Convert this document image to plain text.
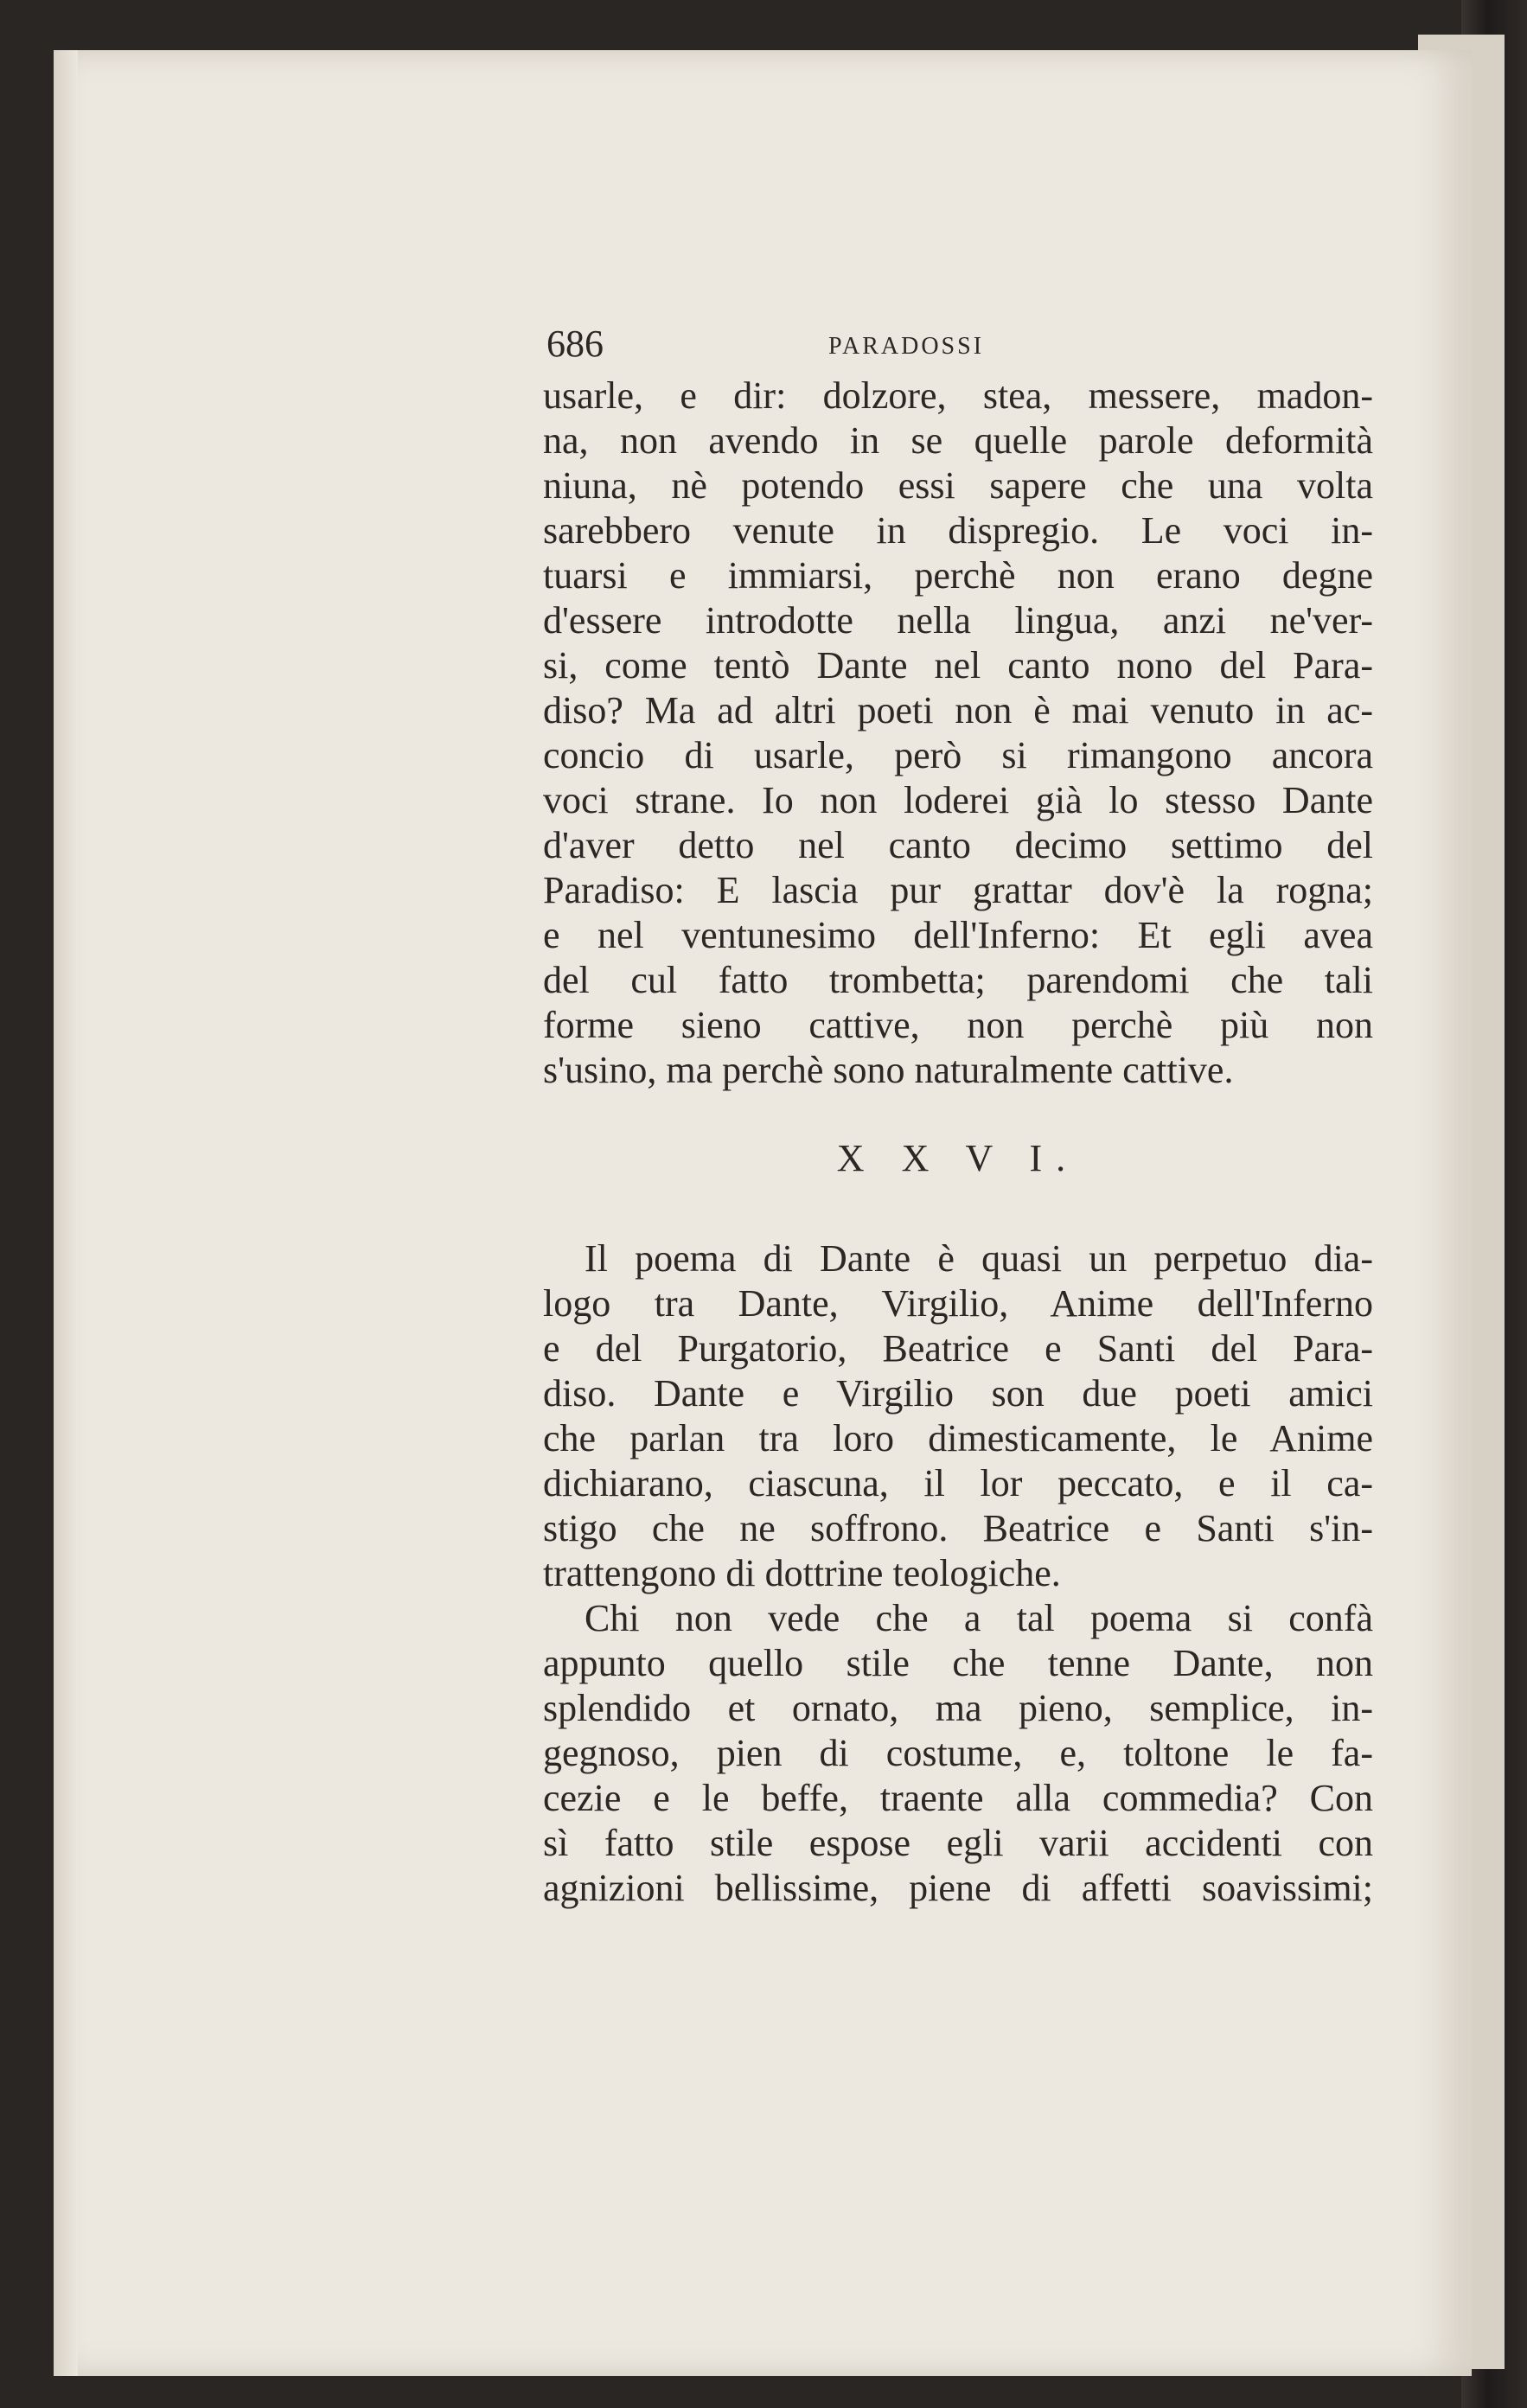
686	PARADOSSI
usarle, e dir: dolzore, stea, messere, madon-
na, non avendo in se quelle parole deformità
niuna, nè potendo essi sapere che una volta
sarebbero venute in dispregio. Le voci in-
tuarsi e immiarsi, perchè non erano degne
d'essere introdotte nella lingua, anzi ne'ver-
si, come tentò Dante nel canto nono del Para-
diso? Ma ad altri poeti non è mai venuto in ac-
concio di usarle, però si rimangono ancora
voci strane. Io non loderei già lo stesso Dante
d'aver detto nel canto decimo settimo del
Paradiso: E lascia pur grattar dov'è la rogna;
e nel ventunesimo dell'Inferno: Et egli avea
del cul fatto trombetta; parendomi che tali
forme sieno cattive, non perchè più non
s'usino, ma perchè sono naturalmente cattive.
X X V I.
Il poema di Dante è quasi un perpetuo dia-
logo tra Dante, Virgilio, Anime dell'Inferno
e del Purgatorio, Beatrice e Santi del Para-
diso. Dante e Virgilio son due poeti amici
che parlan tra loro dimesticamente, le Anime
dichiarano, ciascuna, il lor peccato, e il ca-
stigo che ne soffrono. Beatrice e Santi s'in-
trattengono di dottrine teologiche.
Chi non vede che a tal poema si confà
appunto quello stile che tenne Dante, non
splendido et ornato, ma pieno, semplice, in-
gegnoso, pien di costume, e, toltone le fa-
cezie e le beffe, traente alla commedia? Con
sì fatto stile espose egli varii accidenti con
agnizioni bellissime, piene di affetti soavissimi;
